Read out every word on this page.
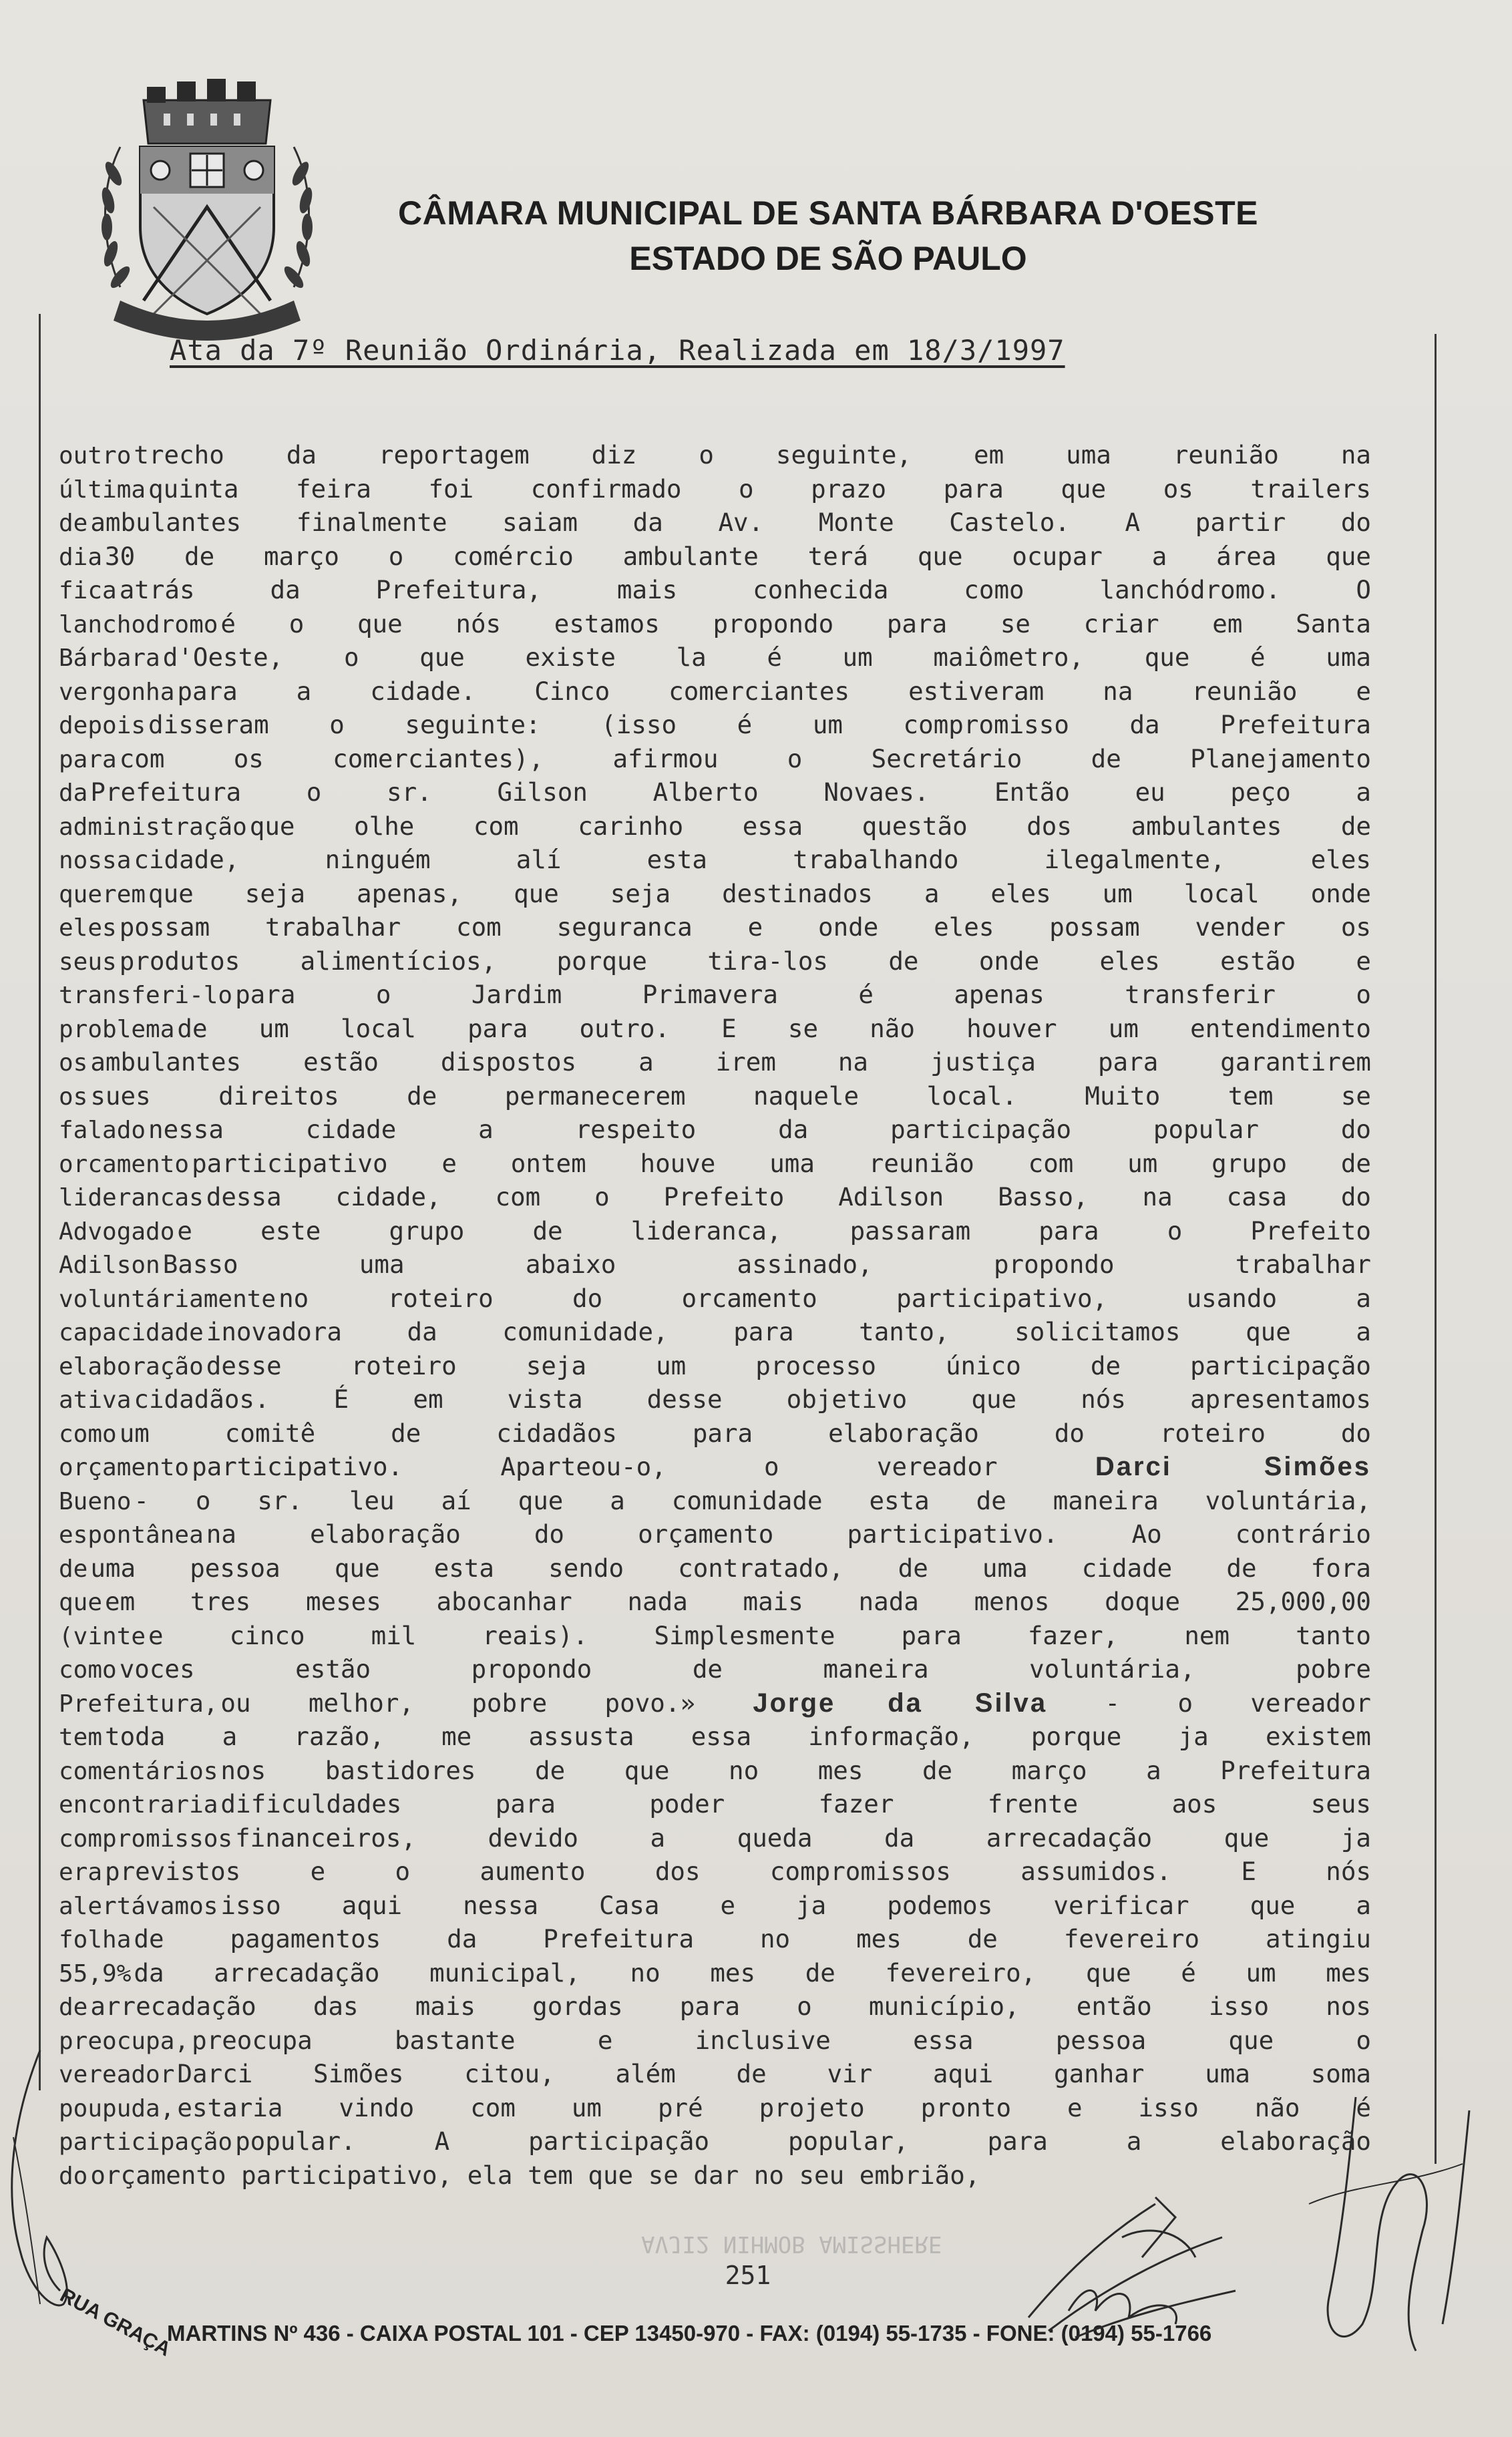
CÂMARA MUNICIPAL DE SANTA BÁRBARA D'OESTE
ESTADO DE SÃO PAULO
Ata da 7º Reunião Ordinária, Realizada em 18/3/1997
outro trecho da reportagem diz o seguinte, em uma reunião na
última quinta feira foi confirmado o prazo para que os trailers
de ambulantes finalmente saiam da Av. Monte Castelo. A partir do
dia 30 de março o comércio ambulante terá que ocupar a área que
fica atrás da Prefeitura, mais conhecida como lanchódromo. O
lanchodromo é o que nós estamos propondo para se criar em Santa
Bárbara d'Oeste, o que existe la é um maiômetro, que é uma
vergonha para a cidade. Cinco comerciantes estiveram na reunião e
depois disseram o seguinte: (isso é um compromisso da Prefeitura
para com os comerciantes), afirmou o Secretário de Planejamento
da Prefeitura o sr. Gilson Alberto Novaes. Então eu peço a
administração que olhe com carinho essa questão dos ambulantes de
nossa cidade, ninguém alí esta trabalhando ilegalmente, eles
querem que seja apenas, que seja destinados a eles um local onde
eles possam trabalhar com seguranca e onde eles possam vender os
seus produtos alimentícios, porque tira-los de onde eles estão e
transferi-lo para o Jardim Primavera é apenas transferir o
problema de um local para outro. E se não houver um entendimento
os ambulantes estão dispostos a irem na justiça para garantirem
os sues direitos de permanecerem naquele local. Muito tem se
falado nessa cidade a respeito da participação popular do
orcamento participativo e ontem houve uma reunião com um grupo de
liderancas dessa cidade, com o Prefeito Adilson Basso, na casa do
Advogado e este grupo de lideranca, passaram para o Prefeito
Adilson Basso uma abaixo assinado, propondo trabalhar
voluntáriamente no roteiro do orcamento participativo, usando a
capacidade inovadora da comunidade, para tanto, solicitamos que a
elaboração desse roteiro seja um processo único de participação
ativa cidadãos. É em vista desse objetivo que nós apresentamos
como um comitê de cidadãos para elaboração do roteiro do
orçamento participativo. Aparteou-o, o vereador Darci Simões
Bueno - o sr. leu aí que a comunidade esta de maneira voluntária,
espontânea na elaboração do orçamento participativo. Ao contrário
de uma pessoa que esta sendo contratado, de uma cidade de fora
que em tres meses abocanhar nada mais nada menos doque 25,000,00
(vinte e cinco mil reais). Simplesmente para fazer, nem tanto
como voces estão propondo de maneira voluntária, pobre
Prefeitura, ou melhor, pobre povo.» Jorge da Silva - o vereador
tem toda a razão, me assusta essa informação, porque ja existem
comentários nos bastidores de que no mes de março a Prefeitura
encontraria dificuldades para poder fazer frente aos seus
compromissos financeiros, devido a queda da arrecadação que ja
era previstos e o aumento dos compromissos assumidos. E nós
alertávamos isso aqui nessa Casa e ja podemos verificar que a
folha de pagamentos da Prefeitura no mes de fevereiro atingiu
55,9% da arrecadação municipal, no mes de fevereiro, que é um mes
de arrecadação das mais gordas para o município, então isso nos
preocupa, preocupa bastante e inclusive essa pessoa que o
vereador Darci Simões citou, além de vir aqui ganhar uma soma
poupuda, estaria vindo com um pré projeto pronto e isso não é
participação popular. A participação popular, para a elaboração
do orçamento participativo, ela tem que se dar no seu embrião,
AVJI2 NIHMOB AMISSHERE
251
RUA GRAÇA
MARTINS Nº 436 - CAIXA POSTAL 101 - CEP 13450-970 - FAX: (0194) 55-1735 - FONE: (0194) 55-1766
